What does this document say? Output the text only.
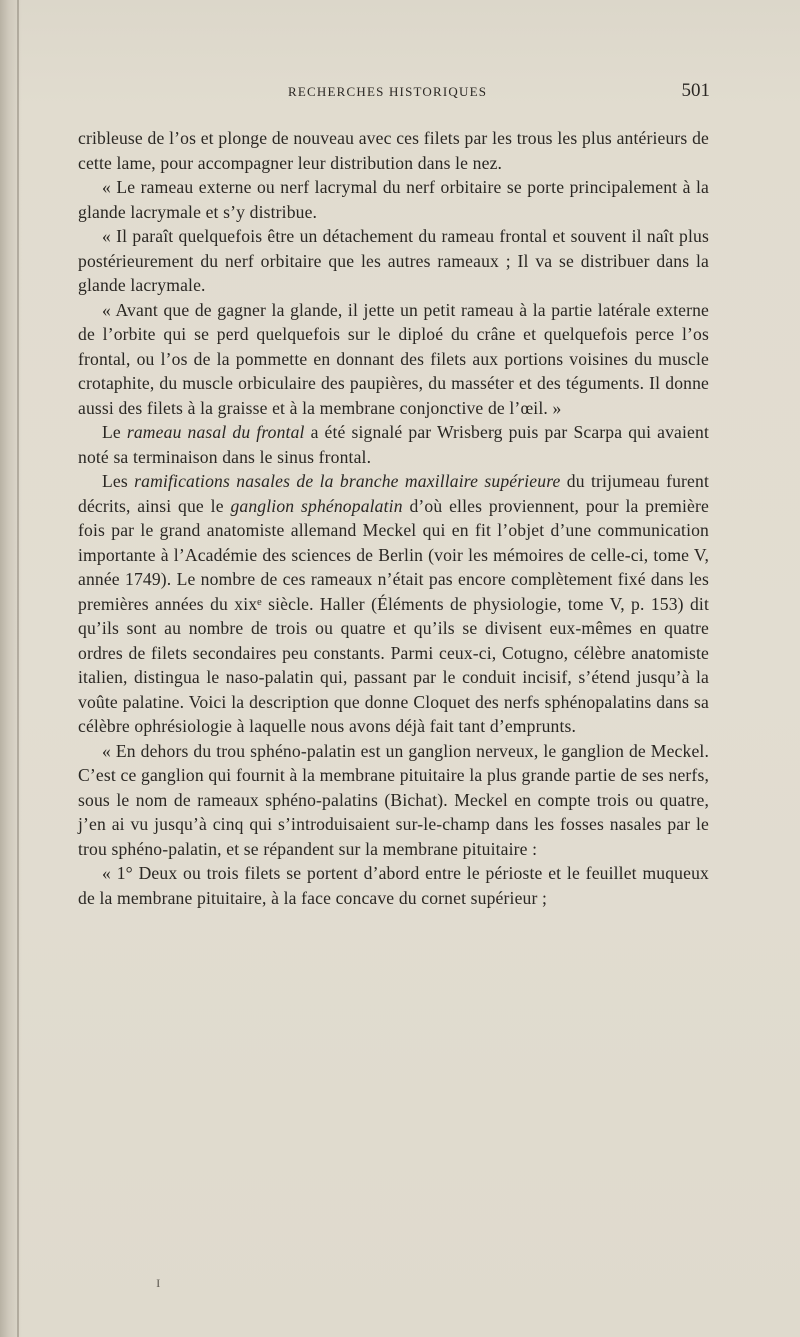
RECHERCHES HISTORIQUES	501

cribleuse de l’os et plonge de nouveau avec ces filets par les trous les plus antérieurs de cette lame, pour accompagner leur distribution dans le nez.

« Le rameau externe ou nerf lacrymal du nerf orbitaire se porte principalement à la glande lacrymale et s’y distribue.

« Il paraît quelquefois être un détachement du rameau frontal et souvent il naît plus postérieurement du nerf orbitaire que les autres rameaux ; Il va se distribuer dans la glande lacrymale.

« Avant que de gagner la glande, il jette un petit rameau à la partie latérale externe de l’orbite qui se perd quelquefois sur le diploé du crâne et quelquefois perce l’os frontal, ou l’os de la pommette en donnant des filets aux portions voisines du muscle crotaphite, du muscle orbiculaire des paupières, du masséter et des téguments. Il donne aussi des filets à la graisse et à la membrane conjonctive de l’œil. »

Le rameau nasal du frontal a été signalé par Wrisberg puis par Scarpa qui avaient noté sa terminaison dans le sinus frontal.

Les ramifications nasales de la branche maxillaire supérieure du trijumeau furent décrits, ainsi que le ganglion sphénopalatin d’où elles proviennent, pour la première fois par le grand anatomiste allemand Meckel qui en fit l’objet d’une communication importante à l’Académie des sciences de Berlin (voir les mémoires de celle-ci, tome V, année 1749). Le nombre de ces rameaux n’était pas encore complètement fixé dans les premières années du xixᵉ siècle. Haller (Éléments de physiologie, tome V, p. 153) dit qu’ils sont au nombre de trois ou quatre et qu’ils se divisent eux-mêmes en quatre ordres de filets secondaires peu constants. Parmi ceux-ci, Cotugno, célèbre anatomiste italien, distingua le naso-palatin qui, passant par le conduit incisif, s’étend jusqu’à la voûte palatine. Voici la description que donne Cloquet des nerfs sphénopalatins dans sa célèbre ophrésiologie à laquelle nous avons déjà fait tant d’emprunts.

« En dehors du trou sphéno-palatin est un ganglion nerveux, le ganglion de Meckel. C’est ce ganglion qui fournit à la membrane pituitaire la plus grande partie de ses nerfs, sous le nom de rameaux sphéno-palatins (Bichat). Meckel en compte trois ou quatre, j’en ai vu jusqu’à cinq qui s’introduisaient sur-le-champ dans les fosses nasales par le trou sphéno-palatin, et se répandent sur la membrane pituitaire :

« 1° Deux ou trois filets se portent d’abord entre le périoste et le feuillet muqueux de la membrane pituitaire, à la face concave du cornet supérieur ;

ɪ
